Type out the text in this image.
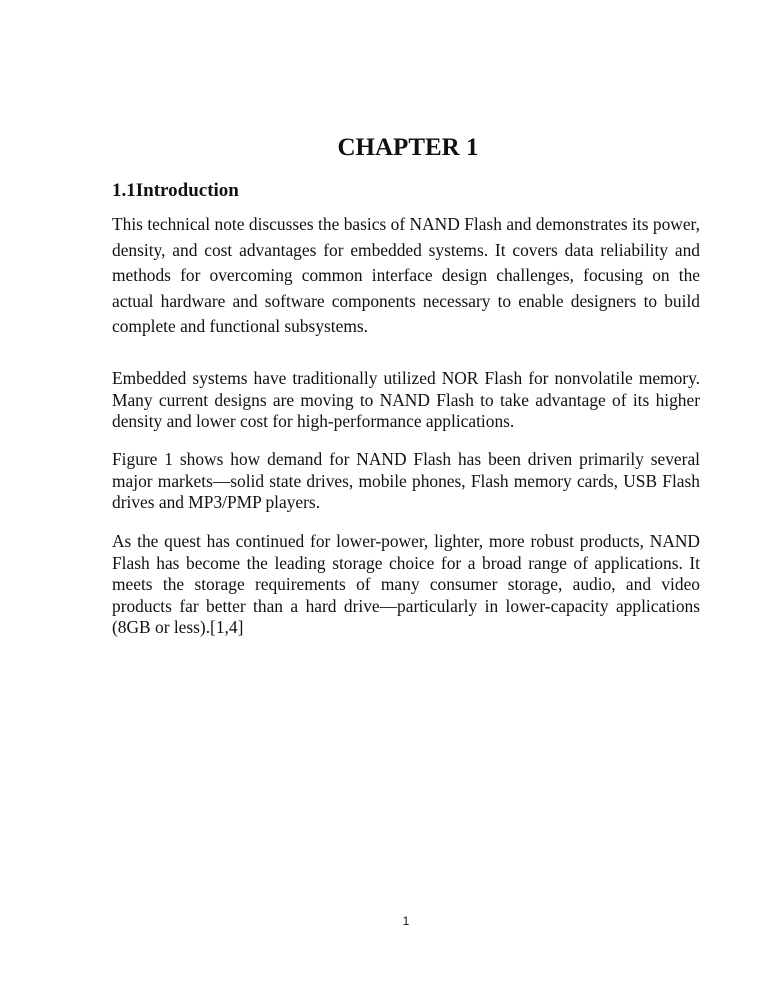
CHAPTER 1
1.1Introduction

This technical note discusses the basics of NAND Flash and demonstrates its power, density, and cost advantages for embedded systems. It covers data reliability and methods for overcoming common interface design challenges, focusing on the actual hardware and software components necessary to enable designers to build complete and functional subsystems.

Embedded systems have traditionally utilized NOR Flash for nonvolatile memory. Many current designs are moving to NAND Flash to take advantage of its higher density and lower cost for high-performance applications.

Figure 1 shows how demand for NAND Flash has been driven primarily several major markets—solid state drives, mobile phones, Flash memory cards, USB Flash drives and MP3/PMP players.

As the quest has continued for lower-power, lighter, more robust products, NAND Flash has become the leading storage choice for a broad range of applications. It meets the storage requirements of many consumer storage, audio, and video products far better than a hard drive—particularly in lower-capacity applications (8GB or less).[1,4]

1
